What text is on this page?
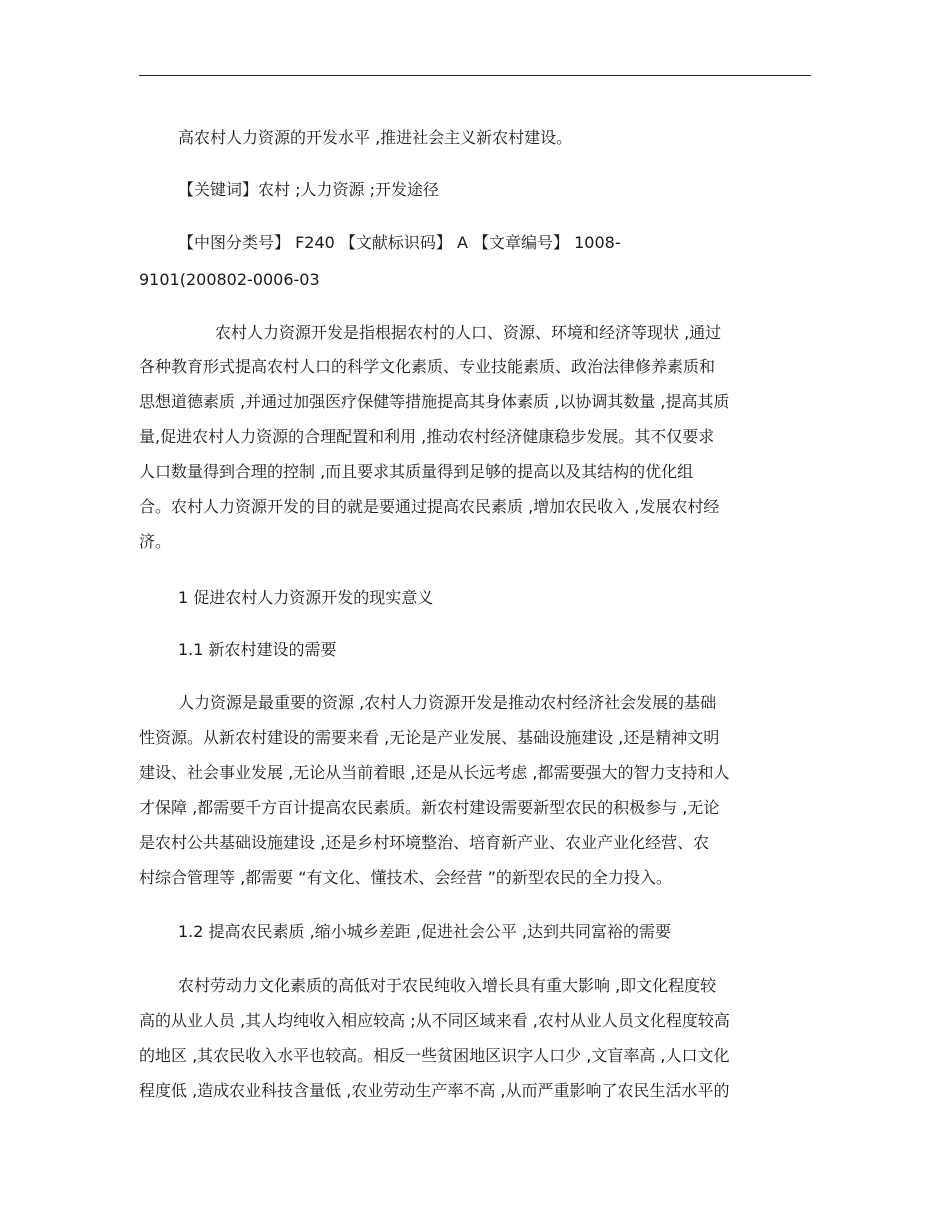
高农村人力资源的开发水平 ,推进社会主义新农村建设。
【关键词】农村 ;人力资源 ;开发途径
【中图分类号】 F240 【文献标识码】 A 【文章编号】 1008-
9101(200802-0006-03
农村人力资源开发是指根据农村的人口、资源、环境和经济等现状 ,通过
各种教育形式提高农村人口的科学文化素质、专业技能素质、政治法律修养素质和
思想道德素质 ,并通过加强医疗保健等措施提高其身体素质 ,以协调其数量 ,提高其质
量,促进农村人力资源的合理配置和利用 ,推动农村经济健康稳步发展。其不仅要求
人口数量得到合理的控制 ,而且要求其质量得到足够的提高以及其结构的优化组
合。农村人力资源开发的目的就是要通过提高农民素质 ,增加农民收入 ,发展农村经
济。
1 促进农村人力资源开发的现实意义
1.1 新农村建设的需要
人力资源是最重要的资源 ,农村人力资源开发是推动农村经济社会发展的基础
性资源。从新农村建设的需要来看 ,无论是产业发展、基础设施建设 ,还是精神文明
建设、社会事业发展 ,无论从当前着眼 ,还是从长远考虑 ,都需要强大的智力支持和人
才保障 ,都需要千方百计提高农民素质。新农村建设需要新型农民的积极参与 ,无论
是农村公共基础设施建设 ,还是乡村环境整治、培育新产业、农业产业化经营、农
村综合管理等 ,都需要 “有文化、懂技术、会经营 ”的新型农民的全力投入。
1.2 提高农民素质 ,缩小城乡差距 ,促进社会公平 ,达到共同富裕的需要
农村劳动力文化素质的高低对于农民纯收入增长具有重大影响 ,即文化程度较
高的从业人员 ,其人均纯收入相应较高 ;从不同区域来看 ,农村从业人员文化程度较高
的地区 ,其农民收入水平也较高。相反一些贫困地区识字人口少 ,文盲率高 ,人口文化
程度低 ,造成农业科技含量低 ,农业劳动生产率不高 ,从而严重影响了农民生活水平的
